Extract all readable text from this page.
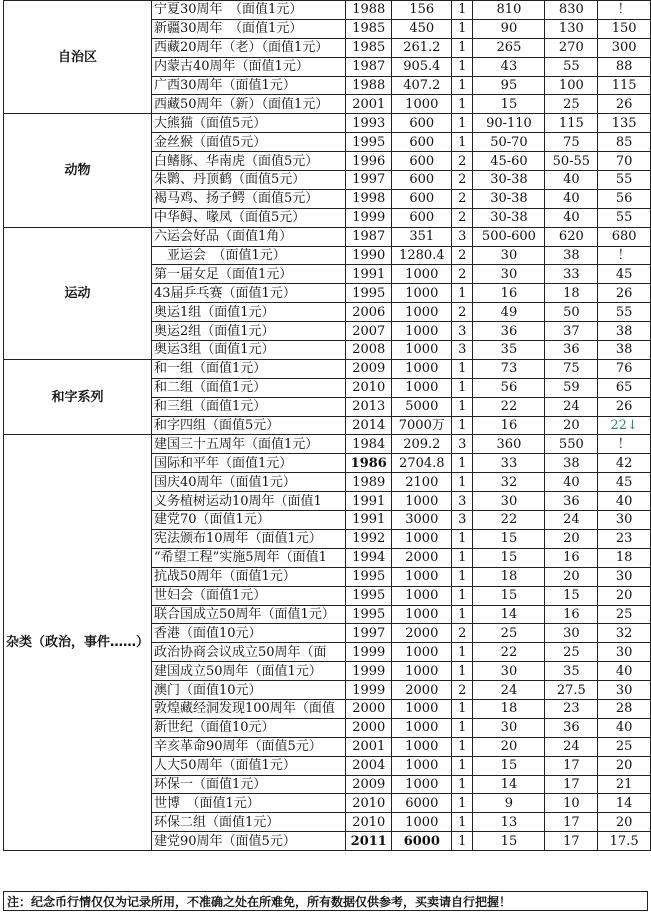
自治区	宁夏30周年　（面值1元）	1988	156	1	810	830	！
	新疆30周年　（面值1元）	1985	450	1	90	130	150
	西藏20周年（老）（面值1元）	1985	261.2	1	265	270	300
	内蒙古40周年（面值1元）	1987	905.4	1	43	55	88
	广西30周年（面值1元）	1988	407.2	1	95	100	115
	西藏50周年（新）（面值1元）	2001	1000	1	15	25	26
动物	大熊猫（面值5元）	1993	600	1	90-110	115	135
	金丝猴（面值5元）	1995	600	1	50-70	75	85
	白鳍豚、华南虎（面值5元）	1996	600	2	45-60	50-55	70
	朱鹮、丹顶鹤（面值5元）	1997	600	2	30-38	40	55
	褐马鸡、扬子鳄（面值5元）	1998	600	2	30-38	40	56
	中华鲟、喙凤（面值5元）	1999	600	2	30-38	40	55
运动	六运会好品（面值1角）	1987	351	3	500-600	620	680
	　亚运会　（面值1元）	1990	1280.4	2	30	38	！
	第一届女足（面值1元）	1991	1000	2	30	33	45
	43届乒乓赛（面值1元）	1995	1000	1	16	18	26
	奥运1组（面值1元）	2006	1000	2	49	50	55
	奥运2组（面值1元）	2007	1000	3	36	37	38
	奥运3组（面值1元）	2008	1000	3	35	36	38
和字系列	和一组（面值1元）	2009	1000	1	73	75	76
	和二组（面值1元）	2010	1000	1	56	59	65
	和三组（面值1元）	2013	5000	1	22	24	26
	和字四组（面值5元）	2014	7000万	1	16	20	22↓
杂类（政治，事件……）	建国三十五周年（面值1元）	1984	209.2	3	360	550	！
	国际和平年（面值1元）	1986	2704.8	1	33	38	42
	国庆40周年（面值1元）	1989	2100	1	32	40	45
	义务植树运动10周年（面值1	1991	1000	3	30	36	40
	建党70（面值1元）	1991	3000	3	22	24	30
	宪法颁布10周年（面值1元）	1992	1000	1	15	20	23
	“希望工程”实施5周年（面值1	1994	2000	1	15	16	18
	抗战50周年（面值1元）	1995	1000	1	18	20	30
	世妇会（面值1元）	1995	1000	1	15	15	20
	联合国成立50周年（面值1元）	1995	1000	1	14	16	25
	香港（面值10元）	1997	2000	2	25	30	32
	政治协商会议成立50周年（面	1999	1000	1	22	25	30
	建国成立50周年（面值1元）	1999	1000	1	30	35	40
	澳门（面值10元）	1999	2000	2	24	27.5	30
	敦煌藏经洞发现100周年（面值	2000	1000	1	18	23	28
	新世纪（面值10元）	2000	1000	1	30	36	40
	辛亥革命90周年（面值5元）	2001	1000	1	20	24	25
	人大50周年（面值1元）	2004	1000	1	15	17	20
	环保一（面值1元）	2009	1000	1	14	17	21
	世博　（面值1元）	2010	6000	1	9	10	14
	环保二组（面值1元）	2010	1000	1	13	17	20
	建党90周年（面值5元）	2011	6000	1	15	17	17.5
注：纪念币行情仅仅为记录所用，不准确之处在所难免，所有数据仅供参考，买卖请自行把握！
